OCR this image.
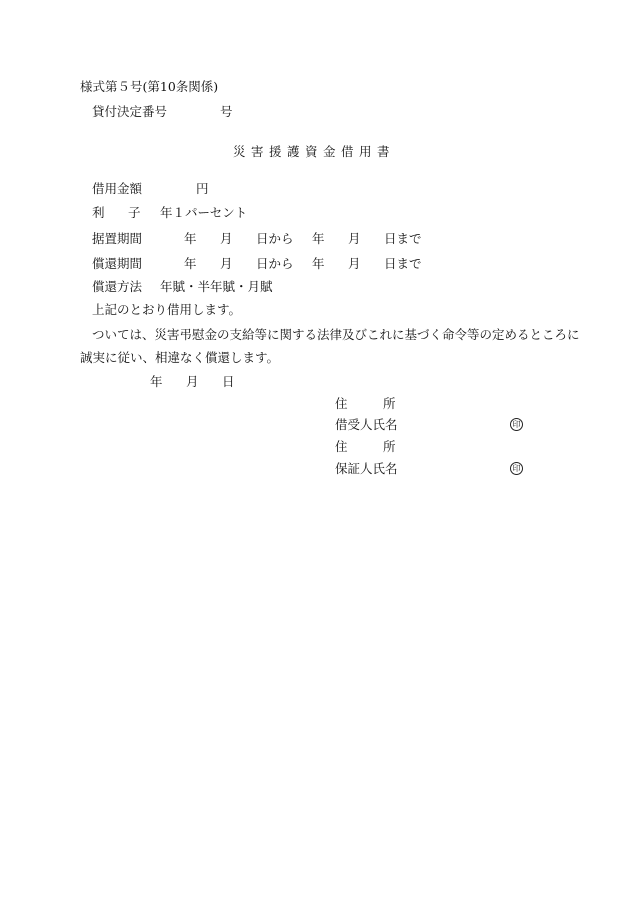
様式第５号(第10条関係)
貸付決定番号	号
災害援護資金借用書
借用金額	円
利 子 年１パーセント
据置期間	年 月 日から 年 月 日まで
償還期間	年 月 日から 年 月 日まで
償還方法 年賦・半年賦・月賦
上記のとおり借用します。
ついては、災害弔慰金の支給等に関する法律及びこれに基づく命令等の定めるところに
誠実に従い、相違なく償還します。
年 月 日
住	所
借受人氏名	印
住	所
保証人氏名	印
